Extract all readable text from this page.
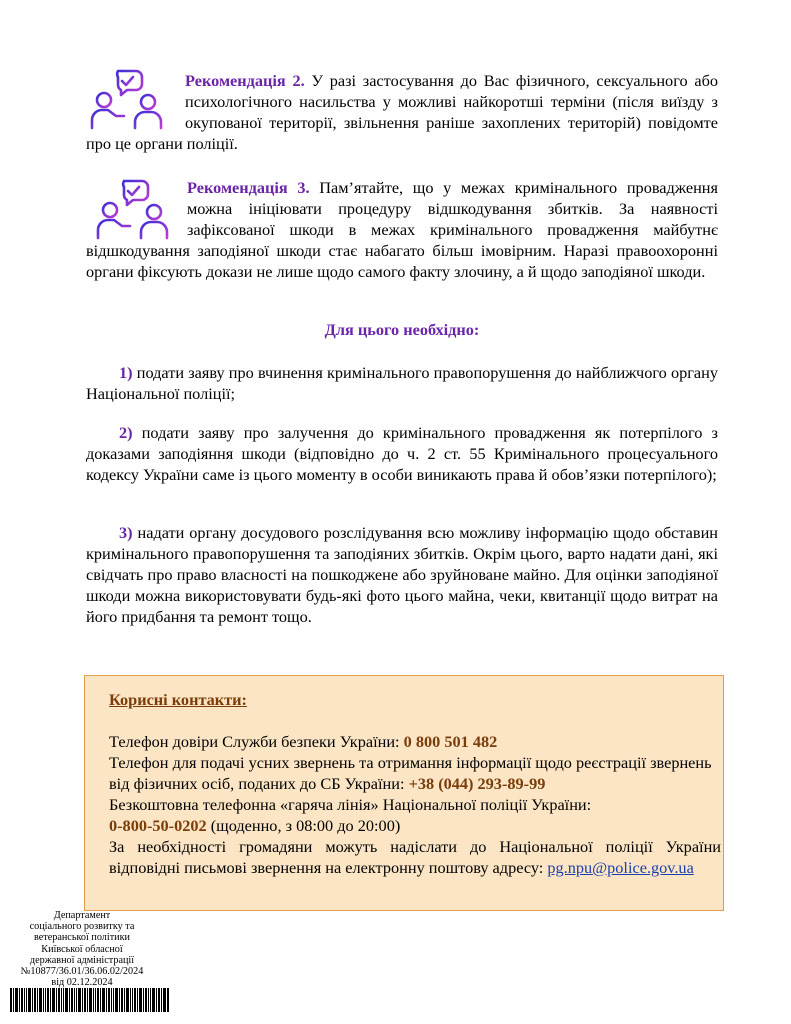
Рекомендація 2. У разі застосування до Вас фізичного, сексуального або психологічного насильства у можливі найкоротші терміни (після виїзду з окупованої території, звільнення раніше захоплених територій) повідомте про це органи поліції.
Рекомендація 3. Пам’ятайте, що у межах кримінального провадження можна ініціювати процедуру відшкодування збитків. За наявності зафіксованої шкоди в межах кримінального провадження майбутнє відшкодування заподіяної шкоди стає набагато більш імовірним. Наразі правоохоронні органи фіксують докази не лише щодо самого факту злочину, а й щодо заподіяної шкоди.
Для цього необхідно:
1) подати заяву про вчинення кримінального правопорушення до найближчого органу Національної поліції;
2) подати заяву про залучення до кримінального провадження як потерпілого з доказами заподіяння шкоди (відповідно до ч. 2 ст. 55 Кримінального процесуального кодексу України саме із цього моменту в особи виникають права й обов’язки потерпілого);
3) надати органу досудового розслідування всю можливу інформацію щодо обставин кримінального правопорушення та заподіяних збитків. Окрім цього, варто надати дані, які свідчать про право власності на пошкоджене або зруйноване майно. Для оцінки заподіяної шкоди можна використовувати будь-які фото цього майна, чеки, квитанції щодо витрат на його придбання та ремонт тощо.
Корисні контакти:
Телефон довіри Служби безпеки України: 0 800 501 482
Телефон для подачі усних звернень та отримання інформації щодо реєстрації звернень від фізичних осіб, поданих до СБ України: +38 (044) 293-89-99
Безкоштовна телефонна «гаряча лінія» Національної поліції України:
0-800-50-0202 (щоденно, з 08:00 до 20:00)
За необхідності громадяни можуть надіслати до Національної поліції України відповідні письмові звернення на електронну поштову адресу: pg.npu@police.gov.ua
Департамент
соціального розвитку та
ветеранської політики
Київської обласної
державної адміністрації
№10877/36.01/36.06.02/2024
від 02.12.2024
